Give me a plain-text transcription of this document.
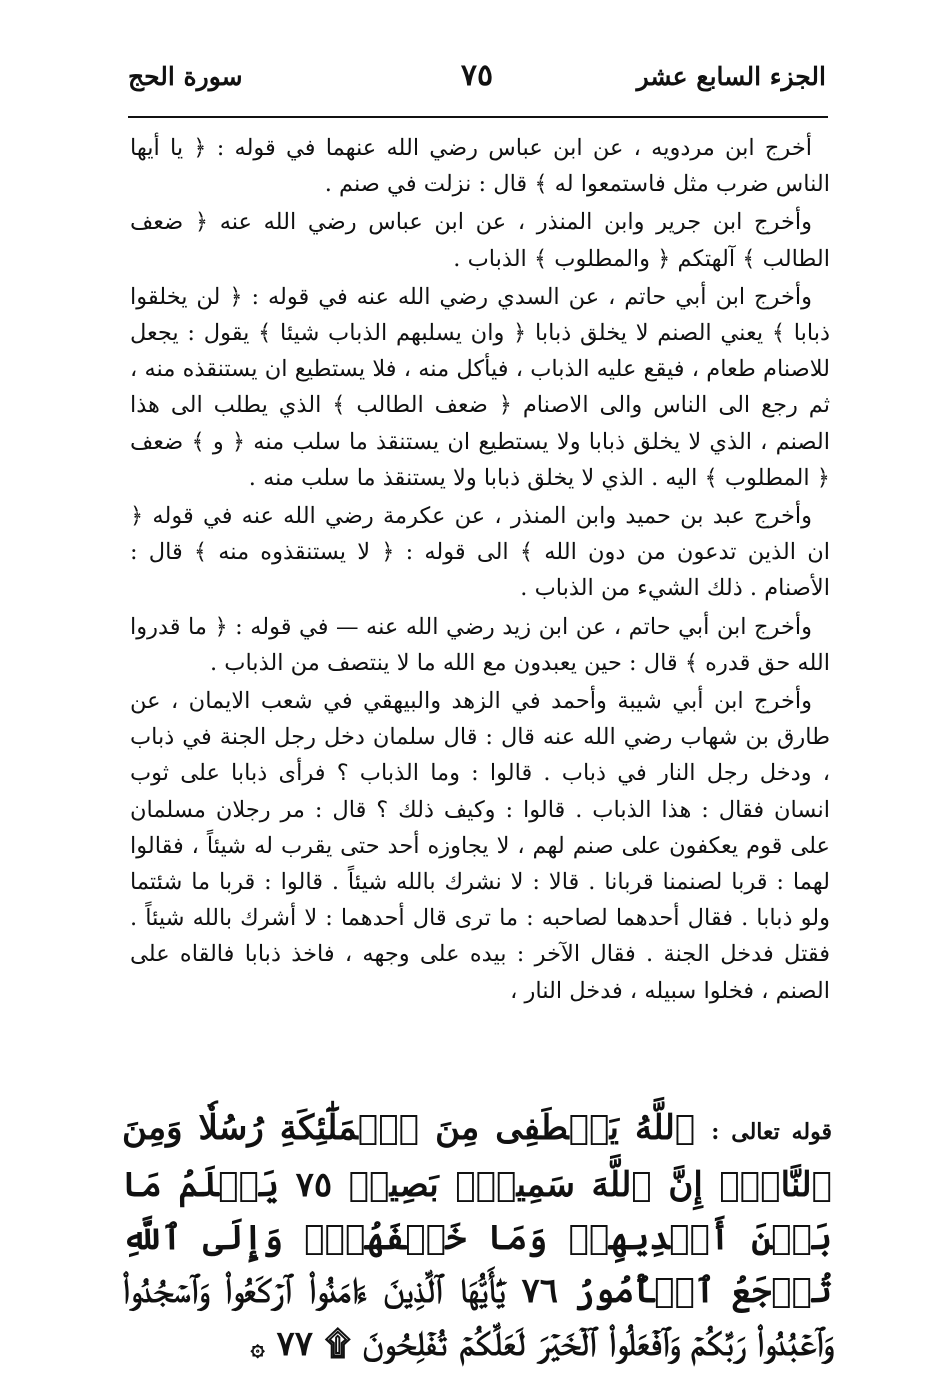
الجزء السابع عشر
٧٥
سورة الحج

أخرج ابن مردويه ، عن ابن عباس رضي الله عنهما في قوله : ﴿ يا أيها الناس ضرب مثل فاستمعوا له ﴾ قال : نزلت في صنم .

وأخرج ابن جرير وابن المنذر ، عن ابن عباس رضي الله عنه ﴿ ضعف الطالب ﴾ آلهتكم ﴿ والمطلوب ﴾ الذباب .

وأخرج ابن أبي حاتم ، عن السدي رضي الله عنه في قوله : ﴿ لن يخلقوا ذبابا ﴾ يعني الصنم لا يخلق ذبابا ﴿ وان يسلبهم الذباب شيئا ﴾ يقول : يجعل للاصنام طعام ، فيقع عليه الذباب ، فيأكل منه ، فلا يستطيع ان يستنقذه منه ، ثم رجع الى الناس والى الاصنام ﴿ ضعف الطالب ﴾ الذي يطلب الى هذا الصنم ، الذي لا يخلق ذبابا ولا يستطيع ان يستنقذ ما سلب منه ﴿ و ﴾ ضعف ﴿ المطلوب ﴾ اليه . الذي لا يخلق ذبابا ولا يستنقذ ما سلب منه .

وأخرج عبد بن حميد وابن المنذر ، عن عكرمة رضي الله عنه في قوله ﴿ ان الذين تدعون من دون الله ﴾ الى قوله : ﴿ لا يستنقذوه منه ﴾ قال : الأصنام . ذلك الشيء من الذباب .

وأخرج ابن أبي حاتم ، عن ابن زيد رضي الله عنه — في قوله : ﴿ ما قدروا الله حق قدره ﴾ قال : حين يعبدون مع الله ما لا ينتصف من الذباب .

وأخرج ابن أبي شيبة وأحمد في الزهد والبيهقي في شعب الايمان ، عن طارق بن شهاب رضي الله عنه قال : قال سلمان دخل رجل الجنة في ذباب ، ودخل رجل النار في ذباب . قالوا : وما الذباب ؟ فرأى ذبابا على ثوب انسان فقال : هذا الذباب . قالوا : وكيف ذلك ؟ قال : مر رجلان مسلمان على قوم يعكفون على صنم لهم ، لا يجاوزه أحد حتى يقرب له شيئاً ، فقالوا لهما : قربا لصنمنا قربانا . قالا : لا نشرك بالله شيئاً . قالوا : قربا ما شئتما ولو ذبابا . فقال أحدهما لصاحبه : ما ترى قال أحدهما : لا أشرك بالله شيئاً . فقتل فدخل الجنة . فقال الآخر : بيده على وجهه ، فاخذ ذبابا فالقاه على الصنم ، فخلوا سبيله ، فدخل النار ،

قوله تعالى : ٱللَّهُ يَصۡطَفِى مِنَ ٱلۡمَلَٰٓئِكَةِ رُسُلٗا وَمِنَ ٱلنَّاسِۚ إِنَّ ٱللَّهَ سَمِيعُۢ بَصِيرٞ ٧٥ يَعۡلَمُ مَا بَيۡنَ أَيۡدِيهِمۡ وَمَا خَلۡفَهُمۡۗ وَإِلَى ٱللَّهِ تُرۡجَعُ ٱلۡأُمُورُ ٧٦ يَٰٓأَيُّهَا ٱلَّذِينَ ءَامَنُواْ ٱرۡكَعُواْ وَٱسۡجُدُواْ وَٱعۡبُدُواْ رَبَّكُمۡ وَٱفۡعَلُواْ ٱلۡخَيۡرَ لَعَلَّكُمۡ تُفۡلِحُونَ ۩ ٧٧ ۞
